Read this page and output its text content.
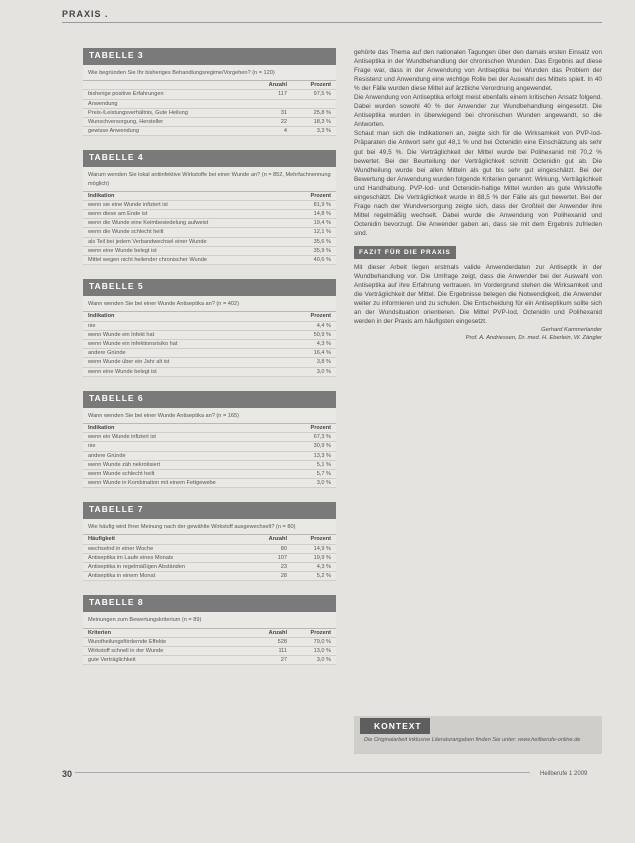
PRAXIS .
TABELLE 3
Wie begründen Sie Ihr bisheriges Behandlungsregime/Vorgehen? (n = 120)
Anzahl	Prozent
bisherige positive Erfahrungen	117	97,5 %
Anwendung
Preis-/Leistungsverhältnis, Gute Heilung	31	25,8 %
Wunschversorgung, Hersteller	22	18,3 %
gewisse Anwendung	4	3,3 %
TABELLE 4
Warum wenden Sie lokal antiinfektive Wirkstoffe bei einer Wunde an? (n = 852, Mehrfachnennung möglich)
Indikation	Prozent
wenn sie eine Wunde infiziert ist	81,9 %
wenn diese am Ende ist	14,8 %
wenn die Wunde eine Keimbesiedelung aufweist	19,4 %
wenn die Wunde schlecht heilt	12,1 %
als Teil bei jedem Verbandwechsel einer Wunde	35,6 %
wenn eine Wunde belegt ist	35,9 %
Mittel wegen nicht heilender chronischer Wunde	40,6 %
TABELLE 5
Wann wenden Sie bei einer Wunde Antiseptika an? (n = 402)
Indikation	Prozent
nie	4,4 %
wenn Wunde ein Infekt hat	50,9 %
wenn Wunde ein Infektionsrisiko hat	4,3 %
andere Gründe	16,4 %
wenn Wunde über ein Jahr alt ist	3,8 %
wenn eine Wunde belegt ist	3,0 %
TABELLE 6
Wann wenden Sie bei einer Wunde Antiseptika an? (n = 165)
Indikation	Prozent
wenn ein Wunde infiziert ist	67,3 %
nie	30,9 %
andere Gründe	13,3 %
wenn Wunde zäh nekrotisiert	5,1 %
wenn Wunde schlecht heilt	5,7 %
wenn Wunde in Kombination mit einem Fettgewebe	3,0 %
TABELLE 7
Wie häufig wird Ihrer Meinung nach der gewählte Wirkstoff ausgewechselt? (n = 80)
Häufigkeit	Anzahl	Prozent
wechselnd in einer Woche	80	14,9 %
Antiseptika im Laufe eines Monats	107	19,9 %
Antiseptika in regelmäßigen Abständen	23	4,3 %
Antiseptika in einem Monat	28	5,2 %
TABELLE 8
Meinungen zum Bewertungskriterium (n = 89)
Kriterien	Anzahl	Prozent
Wundheilungsfördernde Effekte	528	79,0 %
Wirkstoff schnell in der Wunde	111	13,0 %
gute Verträglichkeit	27	3,0 %

gehörte das Thema auf den nationalen Tagungen über den damals ersten Einsatz von Antiseptika in der Wundbehandlung der chronischen Wunden. Das Ergebnis auf diese Frage war, dass in der Anwendung von Antiseptika bei Wunden das Problem der Resistenz und Anwendung eine wichtige Rolle bei der Auswahl des Mittels spielt. In 40 % der Fälle wurden diese Mittel auf ärztliche Verordnung angewendet.

Die Anwendung von Antiseptika erfolgt meist ebenfalls einem kritischen Ansatz folgend. Dabei wurden sowohl 40 % der Anwender zur Wundbehandlung eingesetzt. Die Antiseptika wurden in überwiegend bei chronischen Wunden angewandt, so die Antworten.

Schaut man sich die Indikationen an, zeigte sich für die Wirksamkeit von PVP-Iod-Präparaten die Antwort sehr gut 48,1 % und bei Octenidin eine Einschätzung als sehr gut bei 49,5 %. Die Verträglichkeit der Mittel wurde bei Polihexanid mit 70,2 % bewertet. Bei der Beurteilung der Verträglichkeit schnitt Octenidin gut ab. Die Wundheilung wurde bei allen Mitteln als gut bis sehr gut eingeschätzt. Bei der Bewertung der Anwendung wurden folgende Kriterien genannt: Wirkung, Verträglichkeit und Handhabung. PVP-Iod- und Octenidin-haltige Mittel wurden als gute Wirkstoffe eingeschätzt. Die Verträglichkeit wurde in 88,5 % der Fälle als gut bewertet. Bei der Frage nach der Wundversorgung zeigte sich, dass der Großteil der Anwender ihre Mittel regelmäßig wechselt. Dabei wurde die Anwendung von Polihexanid und Octenidin bevorzugt. Die Anwender gaben an, dass sie mit dem Ergebnis zufrieden sind.

FAZIT FÜR DIE PRAXIS

Mit dieser Arbeit liegen erstmals valide Anwenderdaten zur Antiseptik in der Wundbehandlung vor. Die Umfrage zeigt, dass die Anwender bei der Auswahl von Antiseptika auf ihre Erfahrung vertrauen. Im Vordergrund stehen die Wirksamkeit und die Verträglichkeit der Mittel. Die Ergebnisse belegen die Notwendigkeit, die Anwender weiter zu informieren und zu schulen. Die Entscheidung für ein Antiseptikum sollte sich an der Wundsituation orientieren. Die Mittel PVP-Iod, Octenidin und Polihexanid werden in der Praxis am häufigsten eingesetzt.

Gerhard Kammerlander
Prof. A. Andriessen, Dr. med. H. Eberlein, W. Zängler
KONTEXT
Die Originalarbeit inklusive Literaturangaben finden Sie unter: www.heilberufe-online.de
30	Heilberufe 1 2009
